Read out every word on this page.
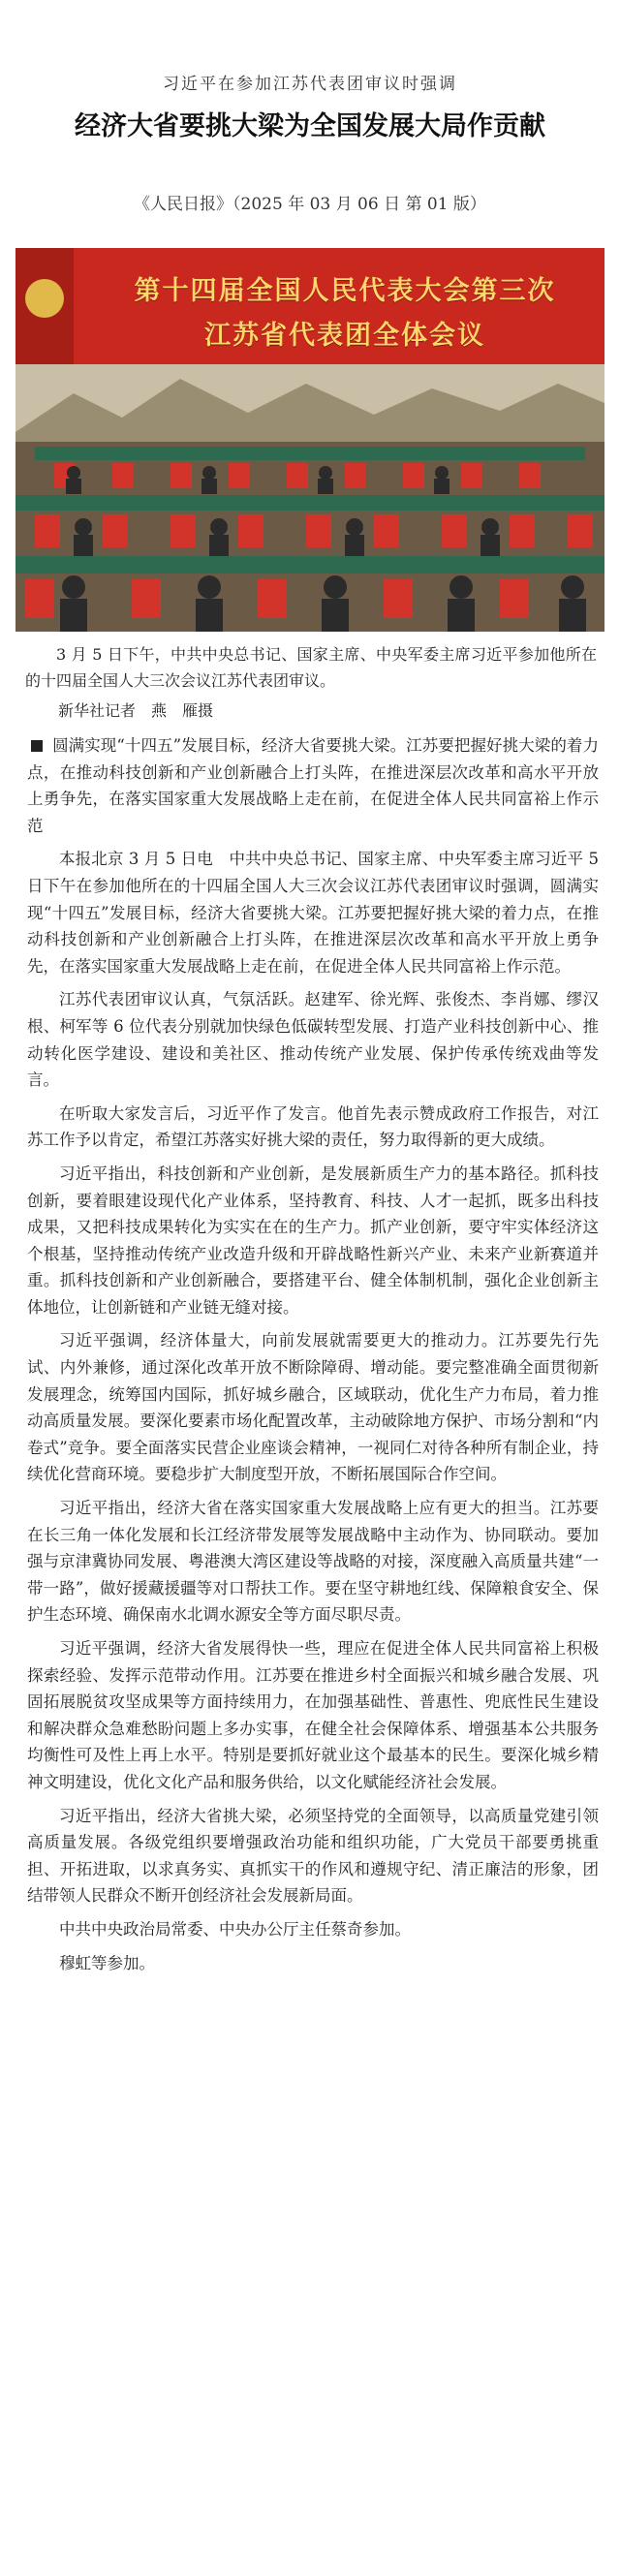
习近平在参加江苏代表团审议时强调
经济大省要挑大梁为全国发展大局作贡献
《人民日报》（2025 年 03 月 06 日 第 01 版）
第十四届全国人民代表大会第三次
江苏省代表团全体会议
3 月 5 日下午，中共中央总书记、国家主席、中央军委主席习近平参加他所在的十四届全国人大三次会议江苏代表团审议。
新华社记者　燕　雁摄

圆满实现“十四五”发展目标，经济大省要挑大梁。江苏要把握好挑大梁的着力点，在推动科技创新和产业创新融合上打头阵，在推进深层次改革和高水平开放上勇争先，在落实国家重大发展战略上走在前，在促进全体人民共同富裕上作示范

本报北京 3 月 5 日电　中共中央总书记、国家主席、中央军委主席习近平 5 日下午在参加他所在的十四届全国人大三次会议江苏代表团审议时强调，圆满实现“十四五”发展目标，经济大省要挑大梁。江苏要把握好挑大梁的着力点，在推动科技创新和产业创新融合上打头阵，在推进深层次改革和高水平开放上勇争先，在落实国家重大发展战略上走在前，在促进全体人民共同富裕上作示范。

江苏代表团审议认真，气氛活跃。赵建军、徐光辉、张俊杰、李肖娜、缪汉根、柯军等 6 位代表分别就加快绿色低碳转型发展、打造产业科技创新中心、推动转化医学建设、建设和美社区、推动传统产业发展、保护传承传统戏曲等发言。

在听取大家发言后，习近平作了发言。他首先表示赞成政府工作报告，对江苏工作予以肯定，希望江苏落实好挑大梁的责任，努力取得新的更大成绩。

习近平指出，科技创新和产业创新，是发展新质生产力的基本路径。抓科技创新，要着眼建设现代化产业体系，坚持教育、科技、人才一起抓，既多出科技成果，又把科技成果转化为实实在在的生产力。抓产业创新，要守牢实体经济这个根基，坚持推动传统产业改造升级和开辟战略性新兴产业、未来产业新赛道并重。抓科技创新和产业创新融合，要搭建平台、健全体制机制，强化企业创新主体地位，让创新链和产业链无缝对接。

习近平强调，经济体量大，向前发展就需要更大的推动力。江苏要先行先试、内外兼修，通过深化改革开放不断除障碍、增动能。要完整准确全面贯彻新发展理念，统筹国内国际，抓好城乡融合，区域联动，优化生产力布局，着力推动高质量发展。要深化要素市场化配置改革，主动破除地方保护、市场分割和“内卷式”竞争。要全面落实民营企业座谈会精神，一视同仁对待各种所有制企业，持续优化营商环境。要稳步扩大制度型开放，不断拓展国际合作空间。

习近平指出，经济大省在落实国家重大发展战略上应有更大的担当。江苏要在长三角一体化发展和长江经济带发展等发展战略中主动作为、协同联动。要加强与京津冀协同发展、粤港澳大湾区建设等战略的对接，深度融入高质量共建“一带一路”，做好援藏援疆等对口帮扶工作。要在坚守耕地红线、保障粮食安全、保护生态环境、确保南水北调水源安全等方面尽职尽责。

习近平强调，经济大省发展得快一些，理应在促进全体人民共同富裕上积极探索经验、发挥示范带动作用。江苏要在推进乡村全面振兴和城乡融合发展、巩固拓展脱贫攻坚成果等方面持续用力，在加强基础性、普惠性、兜底性民生建设和解决群众急难愁盼问题上多办实事，在健全社会保障体系、增强基本公共服务均衡性可及性上再上水平。特别是要抓好就业这个最基本的民生。要深化城乡精神文明建设，优化文化产品和服务供给，以文化赋能经济社会发展。

习近平指出，经济大省挑大梁，必须坚持党的全面领导，以高质量党建引领高质量发展。各级党组织要增强政治功能和组织功能，广大党员干部要勇挑重担、开拓进取，以求真务实、真抓实干的作风和遵规守纪、清正廉洁的形象，团结带领人民群众不断开创经济社会发展新局面。

中共中央政治局常委、中央办公厅主任蔡奇参加。

穆虹等参加。
